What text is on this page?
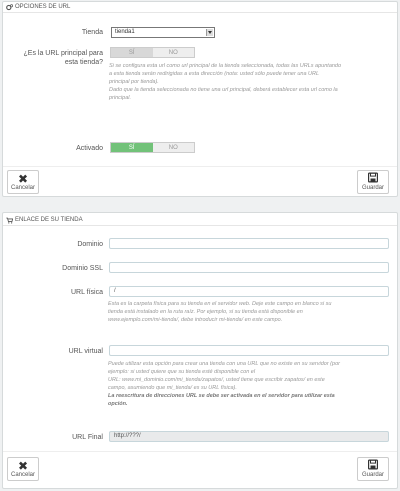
OPCIONES DE URL
Tienda	tienda1
¿Es la URL principal para
esta tienda?
SÍ	NO
Si se configura esta url como url principal de la tienda seleccionada, todas las URLs apuntando
a esta tienda serán redirigidas a esta dirección (nota: usted sólo puede tener una URL
principal por tienda).
Dado que la tienda seleccionada no tiene una url principal, deberá establecer esta url como la
principal.
Activado	SÍ	NO
✖
Cancelar	Guardar
ENLACE DE SU TIENDA
Dominio
Dominio SSL
URL física	/
Esta es la carpeta física para su tienda en el servidor web. Deje este campo en blanco si su
tienda está instalado en la ruta raíz. Por ejemplo, si su tienda está disponible en
www.ejemplo.com/mi-tienda/, debe introducir mi-tienda/ en este campo.
URL virtual
Puede utilizar esta opción para crear una tienda con una URL que no existe en su servidor (por
ejemplo: si usted quiere que su tienda esté disponible con el
URL: www.mi_dominio.com/mi_tienda/zapatos/, usted tiene que escribir zapatos/ en este
campo, asumiendo que mi_tienda/ es su URL física).
La reescritura de direcciones URL se debe ser activada en el servidor para utilizar esta
opción.
URL Final	http://???/
✖
Cancelar	Guardar
